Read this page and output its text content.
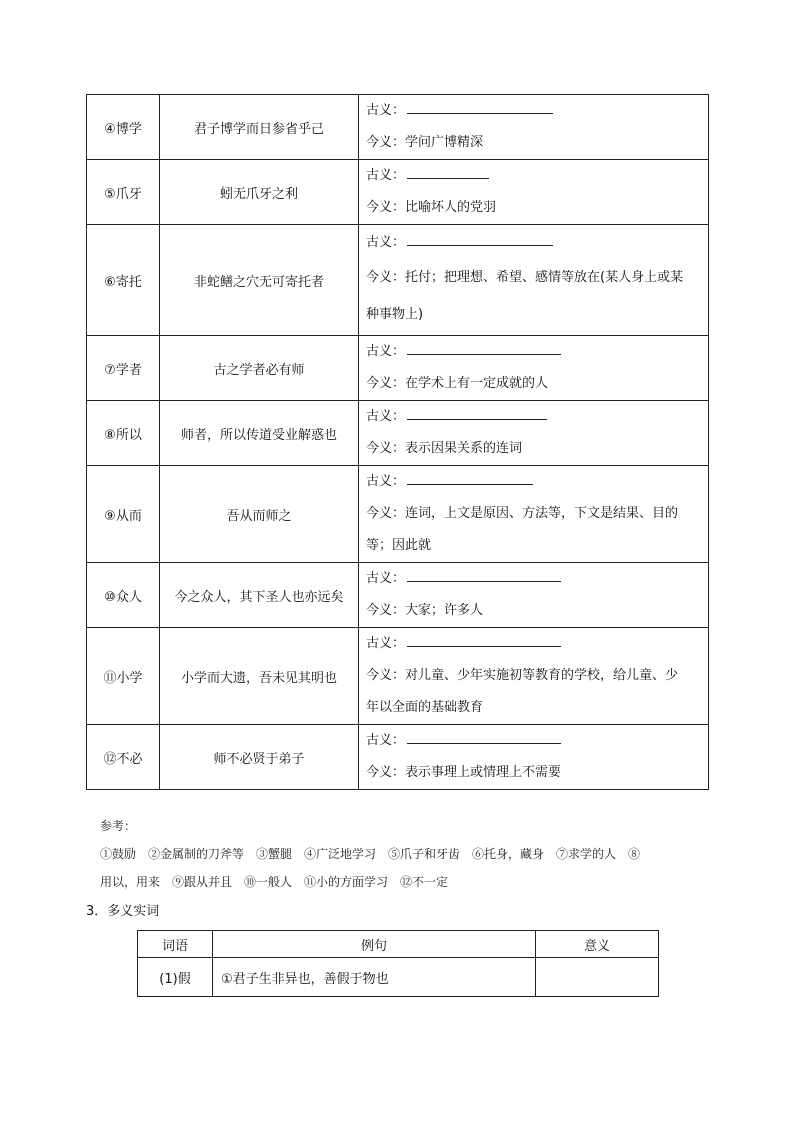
④博学	君子博学而日参省乎己	古义：
今义：学问广博精深

⑤爪牙	蚓无爪牙之利	古义：
今义：比喻坏人的党羽

⑥寄托	非蛇鳝之穴无可寄托者	古义：
今义：托付；把理想、希望、感情等放在(某人身上或某
种事物上)

⑦学者	古之学者必有师	古义：
今义：在学术上有一定成就的人

⑧所以	师者，所以传道受业解惑也	古义：
今义：表示因果关系的连词

⑨从而	吾从而师之	古义：
今义：连词，上文是原因、方法等，下文是结果、目的
等；因此就

⑩众人	今之众人，其下圣人也亦远矣	古义：
今义：大家；许多人

⑪小学	小学而大遗，吾未见其明也	古义：
今义：对儿童、少年实施初等教育的学校，给儿童、少
年以全面的基础教育

⑫不必	师不必贤于弟子	古义：
今义：表示事理上或情理上不需要
参考：
①鼓励　②金属制的刀斧等　③蟹腿　④广泛地学习　⑤爪子和牙齿　⑥托身，藏身　⑦求学的人　⑧
用以，用来　⑨跟从并且　⑩一般人　⑪小的方面学习　⑫不一定
3．多义实词
词语	例句	意义
(1)假	①君子生非异也，善假于物也	
